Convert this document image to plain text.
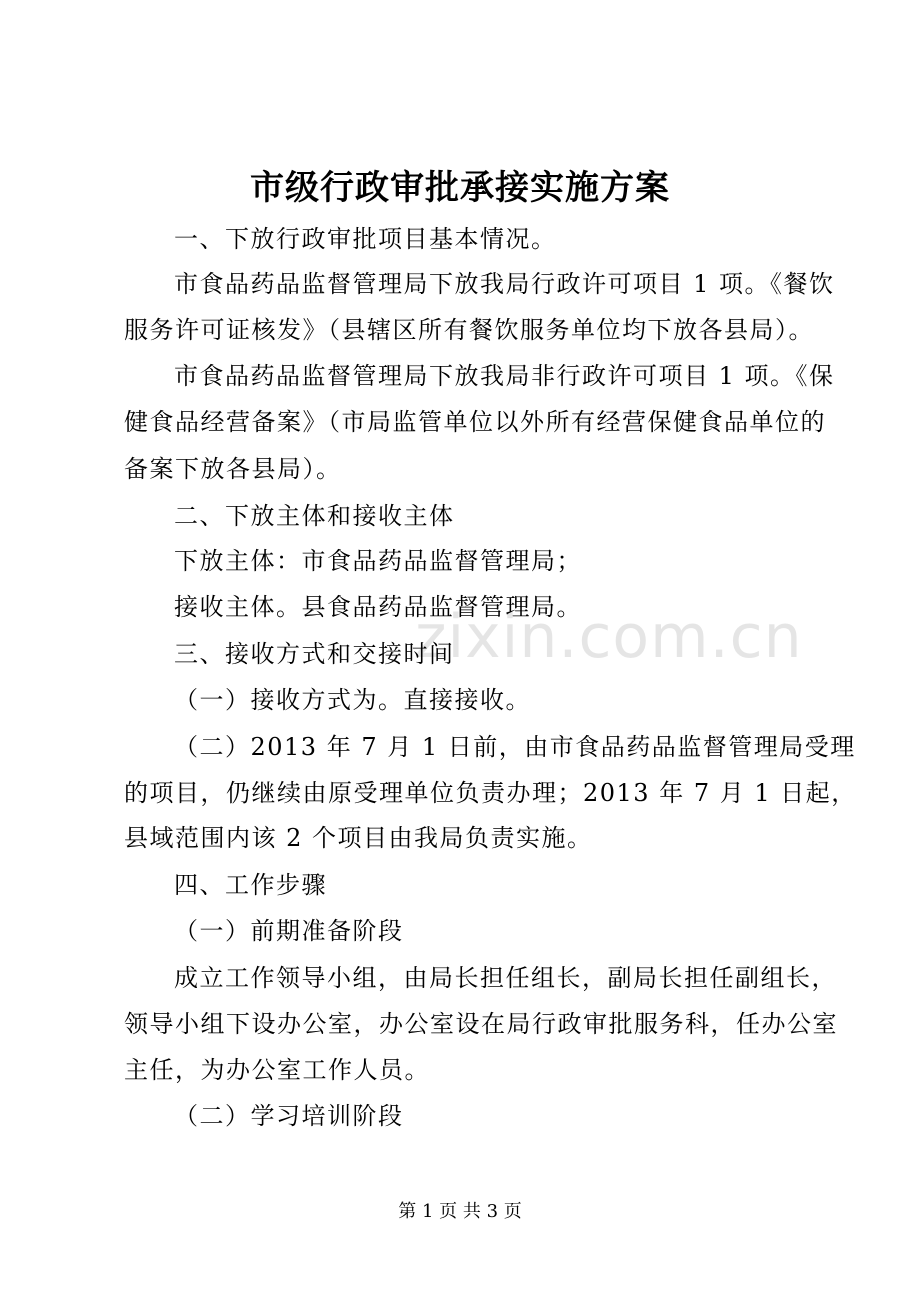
市级行政审批承接实施方案
一、下放行政审批项目基本情况。
市食品药品监督管理局下放我局行政许可项目 1 项。《餐饮
服务许可证核发》（县辖区所有餐饮服务单位均下放各县局）。
市食品药品监督管理局下放我局非行政许可项目 1 项。《保
健食品经营备案》（市局监管单位以外所有经营保健食品单位的
备案下放各县局）。
二、下放主体和接收主体
下放主体：市食品药品监督管理局；
接收主体。县食品药品监督管理局。
三、接收方式和交接时间
（一）接收方式为。直接接收。
（二）2013 年 7 月 1 日前，由市食品药品监督管理局受理
的项目，仍继续由原受理单位负责办理；2013 年 7 月 1 日起，
县域范围内该 2 个项目由我局负责实施。
四、工作步骤
（一）前期准备阶段
成立工作领导小组，由局长担任组长，副局长担任副组长，
领导小组下设办公室，办公室设在局行政审批服务科，任办公室
主任，为办公室工作人员。
（二）学习培训阶段
zixin.com.cn
第 1 页 共 3 页
